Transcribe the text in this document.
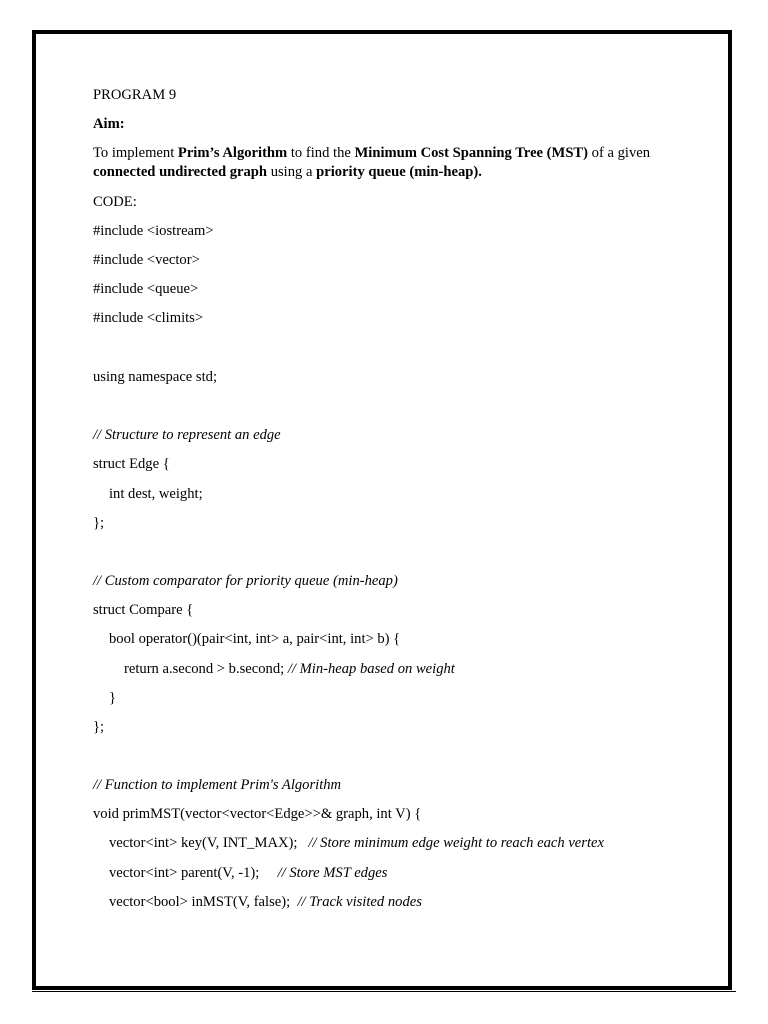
PROGRAM 9
Aim:
To implement Prim’s Algorithm to find the Minimum Cost Spanning Tree (MST) of a given
connected undirected graph using a priority queue (min-heap).
CODE:
#include <iostream>
#include <vector>
#include <queue>
#include <climits>
using namespace std;
// Structure to represent an edge
struct Edge {
int dest, weight;
};
// Custom comparator for priority queue (min-heap)
struct Compare {
bool operator()(pair<int, int> a, pair<int, int> b) {
return a.second > b.second; // Min-heap based on weight
}
};
// Function to implement Prim's Algorithm
void primMST(vector<vector<Edge>>& graph, int V) {
vector<int> key(V, INT_MAX);   // Store minimum edge weight to reach each vertex
vector<int> parent(V, -1);     // Store MST edges
vector<bool> inMST(V, false);  // Track visited nodes
